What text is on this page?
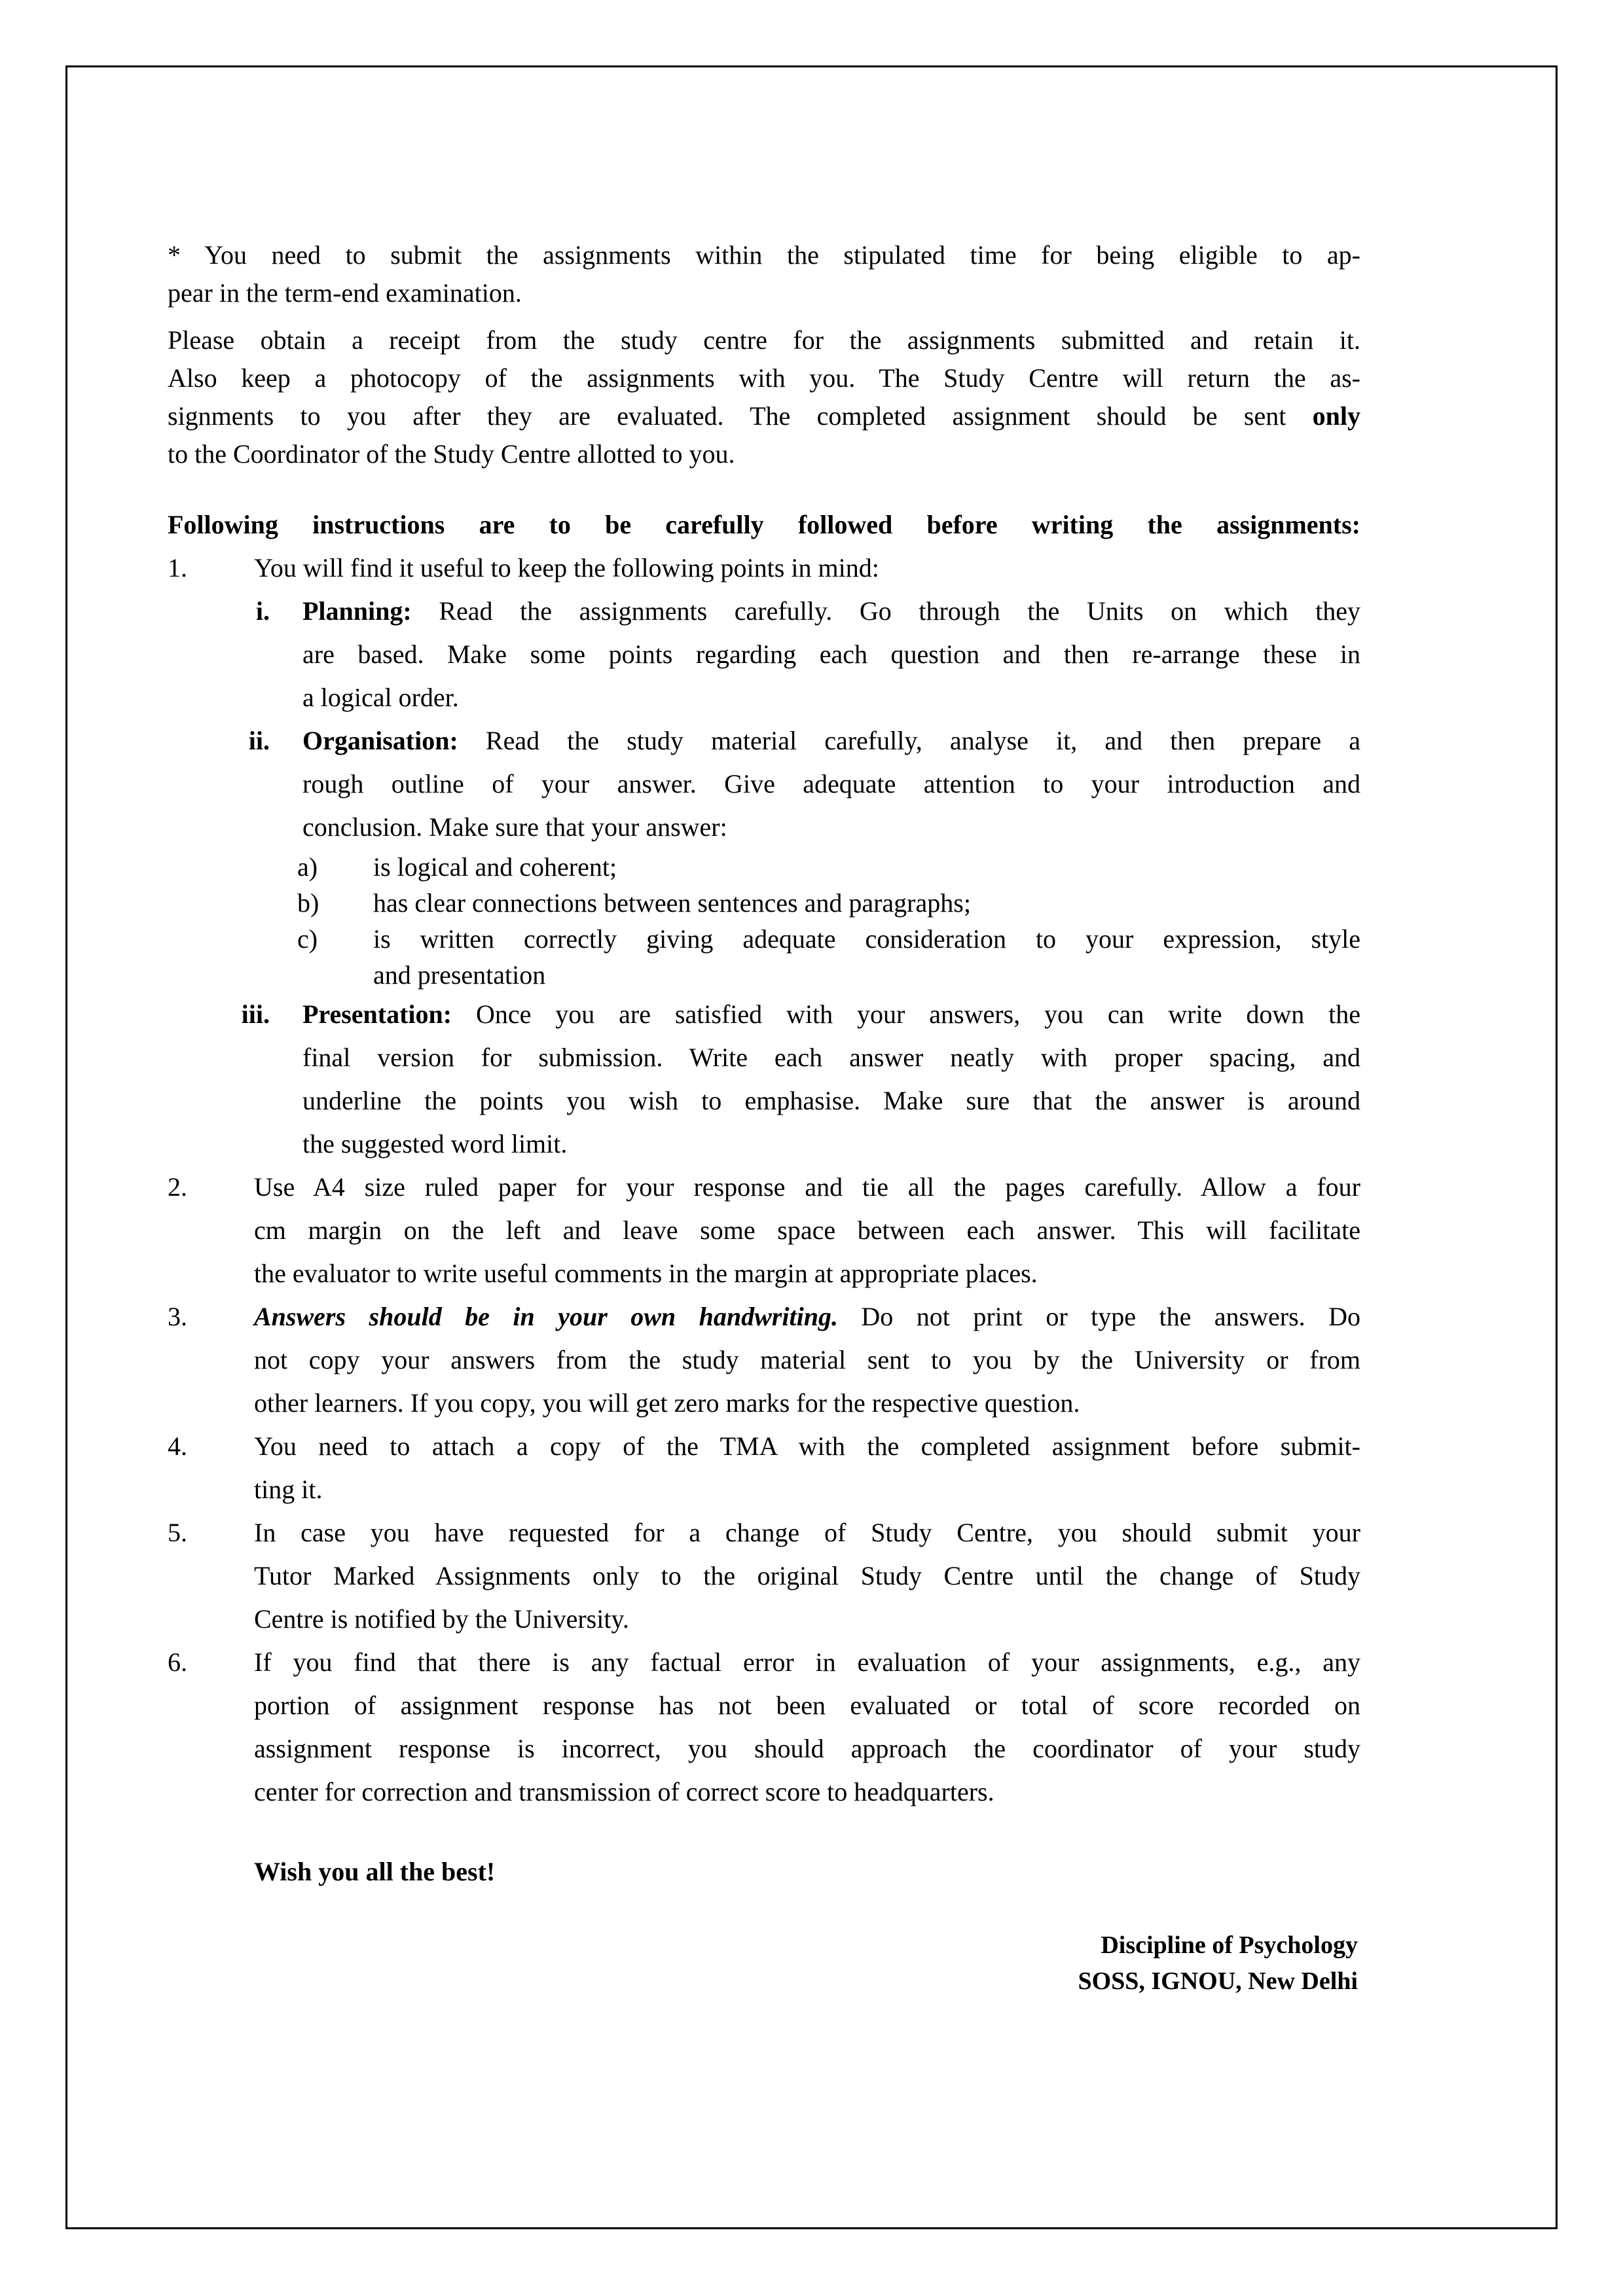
* You need to submit the assignments within the stipulated time for being eligible to ap-
pear in the term-end examination.
Please obtain a receipt from the study centre for the assignments submitted and retain it.
Also keep a photocopy of the assignments with you. The Study Centre will return the as-
signments to you after they are evaluated. The completed assignment should be sent only
to the Coordinator of the Study Centre allotted to you.
Following instructions are to be carefully followed before writing the assignments:
1.	You will find it useful to keep the following points in mind:
i. Planning: Read the assignments carefully. Go through the Units on which they
are based. Make some points regarding each question and then re-arrange these in
a logical order.
ii. Organisation: Read the study material carefully, analyse it, and then prepare a
rough outline of your answer. Give adequate attention to your introduction and
conclusion. Make sure that your answer:
a)	is logical and coherent;
b)	has clear connections between sentences and paragraphs;
c)	is written correctly giving adequate consideration to your expression, style
and presentation
iii. Presentation: Once you are satisfied with your answers, you can write down the
final version for submission. Write each answer neatly with proper spacing, and
underline the points you wish to emphasise. Make sure that the answer is around
the suggested word limit.
2.	Use A4 size ruled paper for your response and tie all the pages carefully. Allow a four
cm margin on the left and leave some space between each answer. This will facilitate
the evaluator to write useful comments in the margin at appropriate places.
3.	Answers should be in your own handwriting. Do not print or type the answers. Do
not copy your answers from the study material sent to you by the University or from
other learners. If you copy, you will get zero marks for the respective question.
4.	You need to attach a copy of the TMA with the completed assignment before submit-
ting it.
5.	In case you have requested for a change of Study Centre, you should submit your
Tutor Marked Assignments only to the original Study Centre until the change of Study
Centre is notified by the University.
6.	If you find that there is any factual error in evaluation of your assignments, e.g., any
portion of assignment response has not been evaluated or total of score recorded on
assignment response is incorrect, you should approach the coordinator of your study
center for correction and transmission of correct score to headquarters.
Wish you all the best!
Discipline of Psychology
SOSS, IGNOU, New Delhi
